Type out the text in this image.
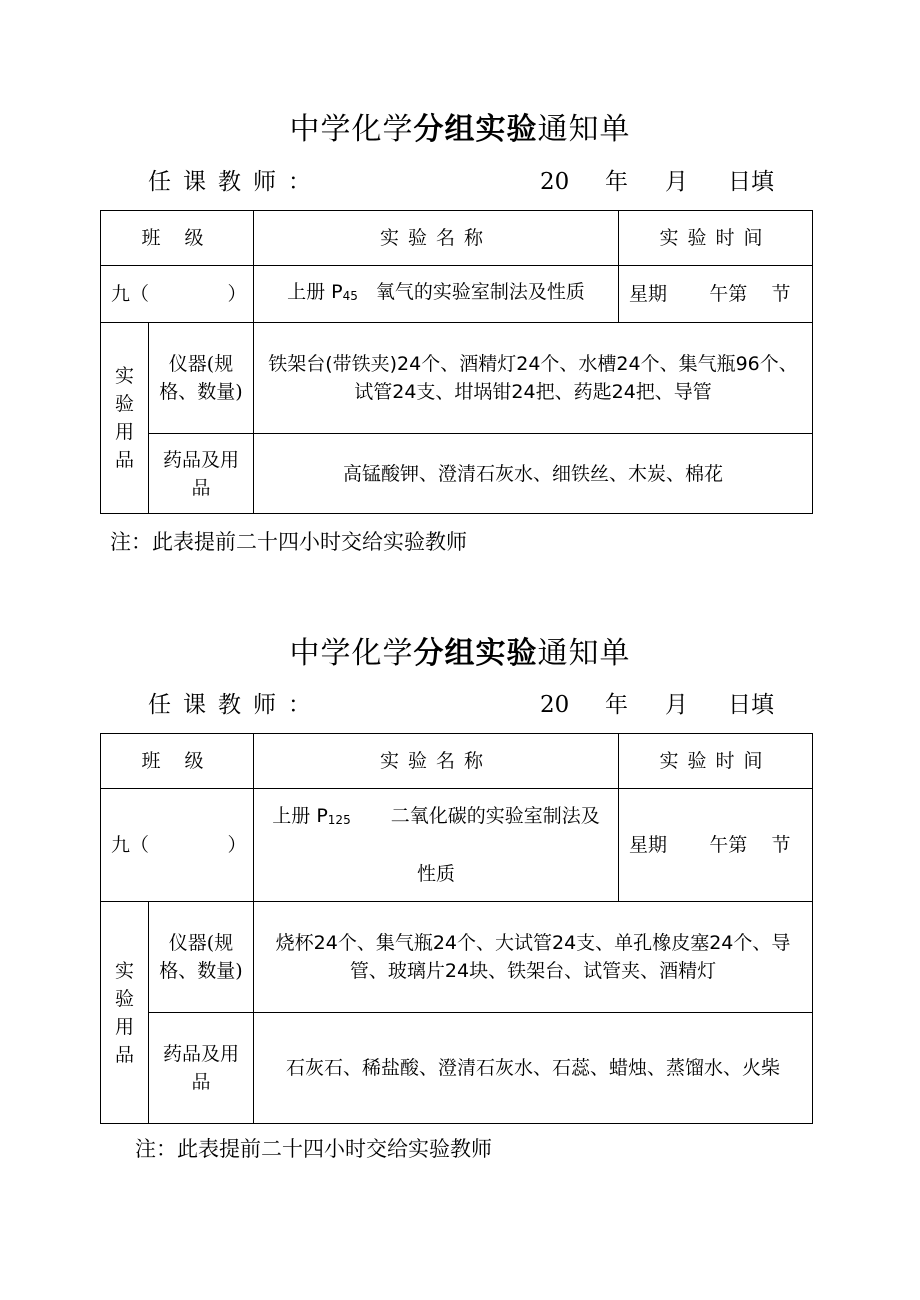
中学化学分组实验通知单
任课教师：	20 年 月 日填
班 级		实验名称	实验时间
九（             ）		上册 P45 氧气的实验室制法及性质	星期       午第    节
实验用品	仪器(规格、数量)	铁架台(带铁夹)24个、酒精灯24个、水槽24个、集气瓶96个、试管24支、坩埚钳24把、药匙24把、导管	
	药品及用品	高锰酸钾、澄清石灰水、细铁丝、木炭、棉花	
注：此表提前二十四小时交给实验教师
中学化学分组实验通知单
任课教师：	20 年 月 日填
班 级		实验名称	实验时间
九（             ）		上册 P125 二氧化碳的实验室制法及性质	星期       午第    节
实验用品	仪器(规格、数量)	烧杯24个、集气瓶24个、大试管24支、单孔橡皮塞24个、导管、玻璃片24块、铁架台、试管夹、酒精灯	
	药品及用品	石灰石、稀盐酸、澄清石灰水、石蕊、蜡烛、蒸馏水、火柴	
注：此表提前二十四小时交给实验教师
